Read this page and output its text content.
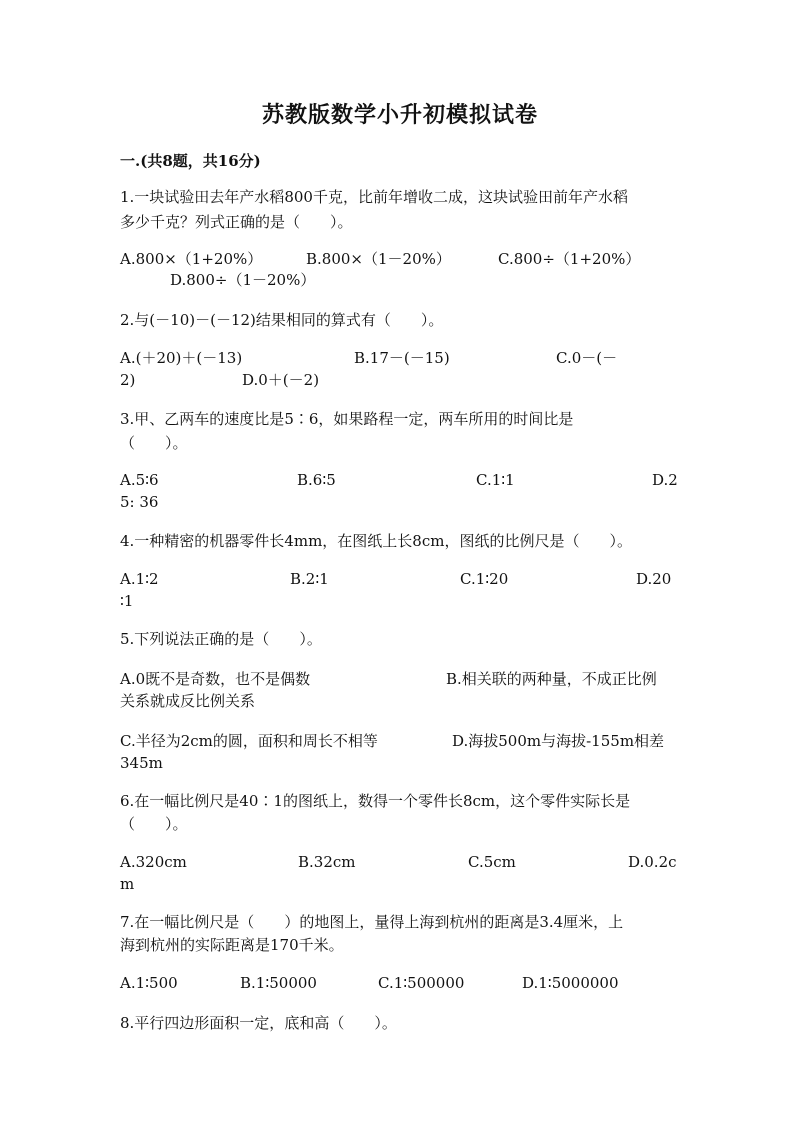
苏教版数学小升初模拟试卷
一.(共8题，共16分)
1.一块试验田去年产水稻800千克，比前年增收二成，这块试验田前年产水稻
多少千克？列式正确的是（　　）。
A.800×（1+20%）	B.800×（1－20%）	C.800÷（1+20%）
D.800÷（1－20%）
2.与(－10)－(－12)结果相同的算式有（　　）。
A.(＋20)＋(－13)	B.17－(－15)	C.0－(－
2)	D.0＋(－2)
3.甲、乙两车的速度比是5∶6，如果路程一定，两车所用的时间比是
（　　）。
A.5∶6	B.6∶5	C.1∶1	D.2
5: 36
4.一种精密的机器零件长4mm，在图纸上长8cm，图纸的比例尺是（　　）。
A.1∶2	B.2∶1	C.1∶20	D.20
∶1
5.下列说法正确的是（　　）。
A.0既不是奇数，也不是偶数	B.相关联的两种量，不成正比例
关系就成反比例关系
C.半径为2cm的圆，面积和周长不相等	D.海拔500m与海拔-155m相差
345m
6.在一幅比例尺是40∶1的图纸上，数得一个零件长8cm，这个零件实际长是
（　　）。
A.320cm	B.32cm	C.5cm	D.0.2c
m
7.在一幅比例尺是（　　）的地图上，量得上海到杭州的距离是3.4厘米，上
海到杭州的实际距离是170千米。
A.1∶500	B.1∶50000	C.1∶500000	D.1∶5000000
8.平行四边形面积一定，底和高（　　）。
